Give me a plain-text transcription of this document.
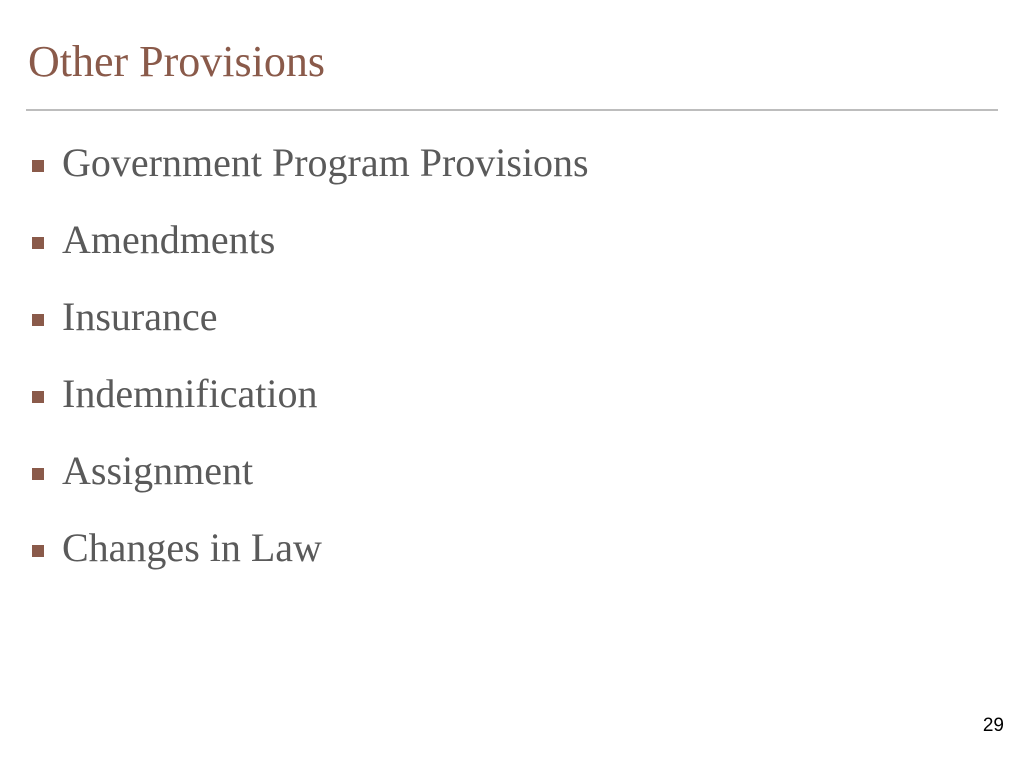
Other Provisions
Government Program Provisions
Amendments
Insurance
Indemnification
Assignment
Changes in Law
29
